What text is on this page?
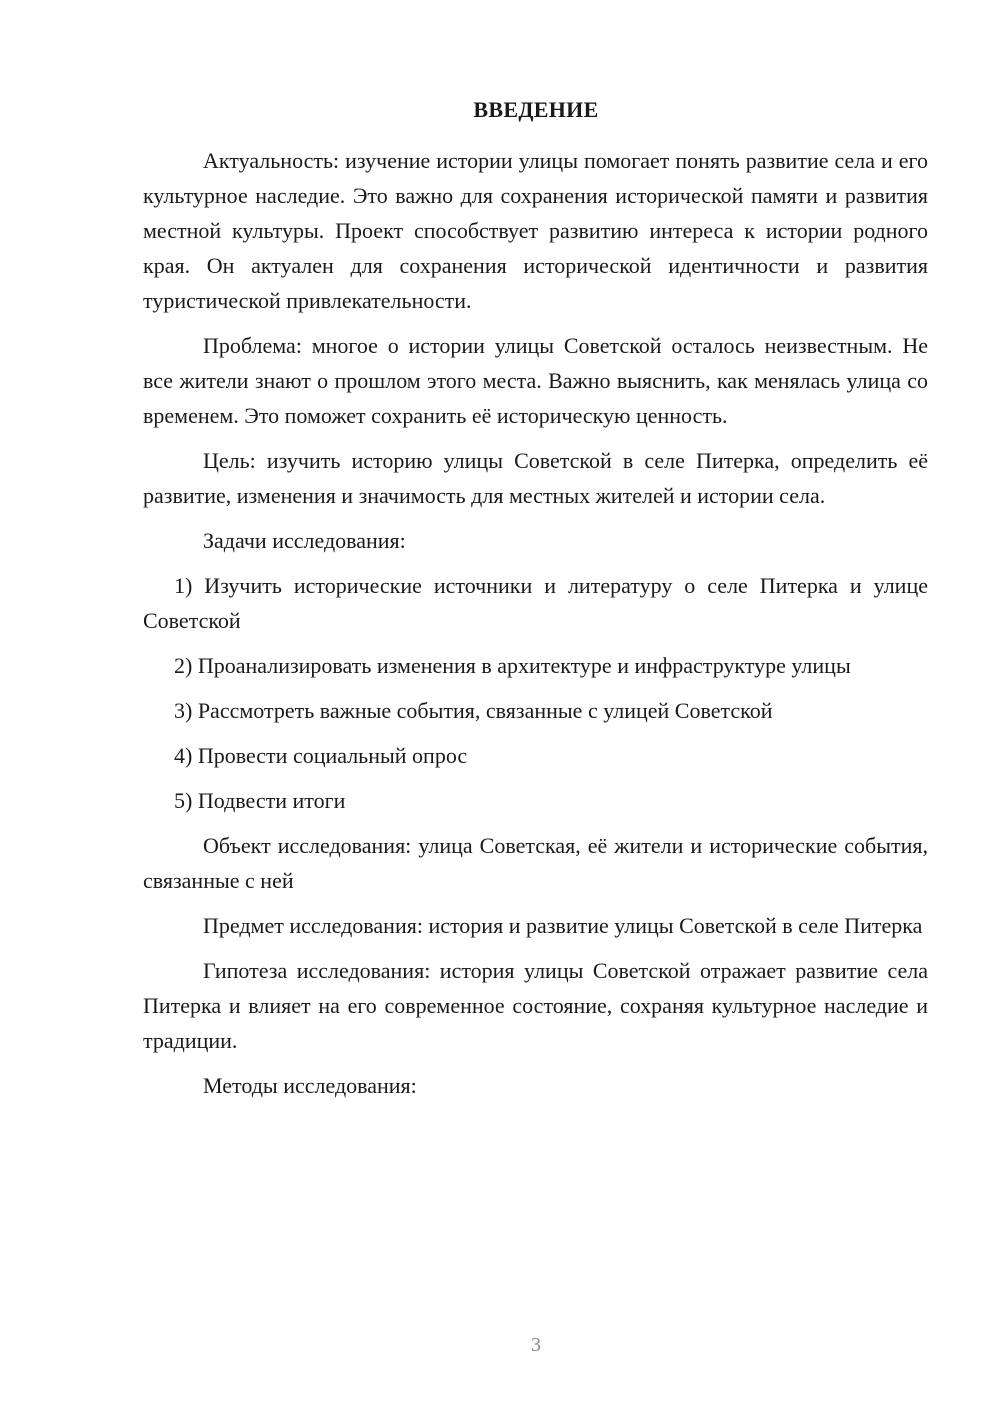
ВВЕДЕНИЕ

Актуальность: изучение истории улицы помогает понять развитие села и его культурное наследие. Это важно для сохранения исторической памяти и развития местной культуры. Проект способствует развитию интереса к истории родного края. Он актуален для сохранения исторической идентичности и развития туристической привлекательности.

Проблема: многое о истории улицы Советской осталось неизвестным. Не все жители знают о прошлом этого места. Важно выяснить, как менялась улица со временем. Это поможет сохранить её историческую ценность.

Цель: изучить историю улицы Советской в селе Питерка, определить её развитие, изменения и значимость для местных жителей и истории села.

Задачи исследования:

1) Изучить исторические источники и литературу о селе Питерка и улице Советской

2) Проанализировать изменения в архитектуре и инфраструктуре улицы

3) Рассмотреть важные события, связанные с улицей Советской

4) Провести социальный опрос

5) Подвести итоги

Объект исследования: улица Советская, её жители и исторические события, связанные с ней

Предмет исследования: история и развитие улицы Советской в селе Питерка

Гипотеза исследования: история улицы Советской отражает развитие села Питерка и влияет на его современное состояние, сохраняя культурное наследие и традиции.

Методы исследования:

3
